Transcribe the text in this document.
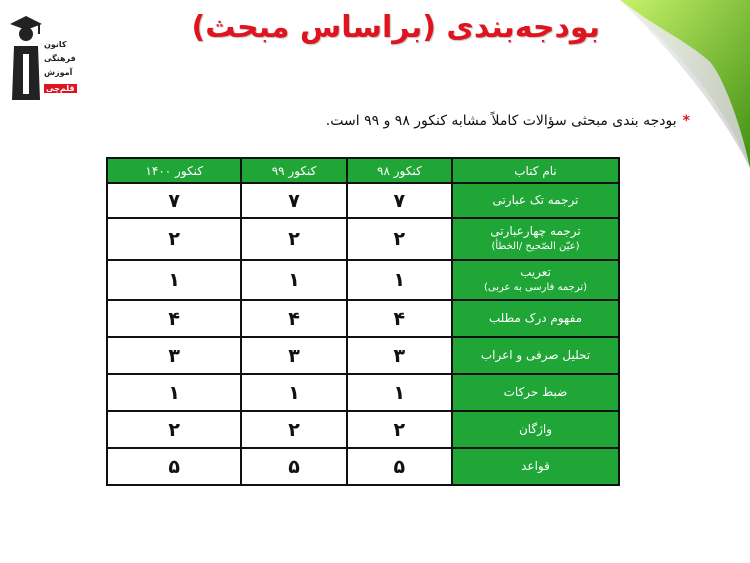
بودجه‌بندی (براساس مبحث)
کانون
فرهنگی
آموزش
قلم‌چی
*بودجه بندی مبحثی سؤالات کاملاً مشابه کنکور ۹۸ و ۹۹ است.
نام کتاب	کنکور ۹۸	کنکور ۹۹	کنکور ۱۴۰۰
ترجمه تک عبارتی	۷	۷	۷
ترجمه چهارعبارتی
(عیّن الصّحیح /الخطأ)	۲	۲	۲
تعریب
(ترجمه فارسی به عربی)	۱	۱	۱
مفهوم درک مطلب	۴	۴	۴
تحلیل صرفی و اعراب	۳	۳	۳
ضبط حرکات	۱	۱	۱
واژگان	۲	۲	۲
قواعد	۵	۵	۵
